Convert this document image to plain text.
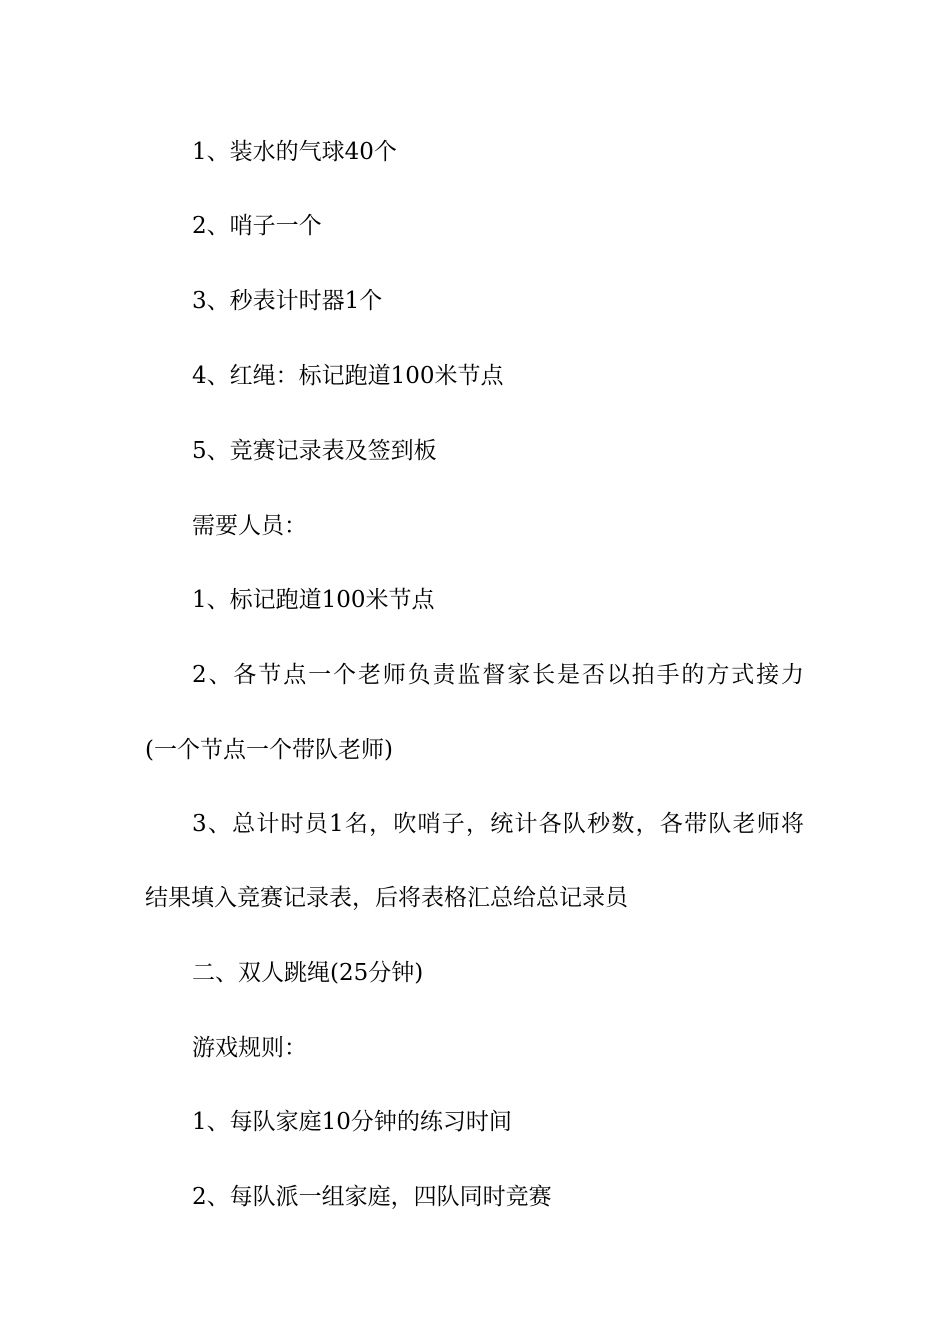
1、装水的气球40个
2、哨子一个
3、秒表计时器1个
4、红绳：标记跑道100米节点
5、竞赛记录表及签到板
需要人员：
1、标记跑道100米节点
2、各节点一个老师负责监督家长是否以拍手的方式接力
(一个节点一个带队老师)
3、总计时员1名，吹哨子，统计各队秒数，各带队老师将
结果填入竞赛记录表，后将表格汇总给总记录员
二、双人跳绳(25分钟)
游戏规则：
1、每队家庭10分钟的练习时间
2、每队派一组家庭，四队同时竞赛
